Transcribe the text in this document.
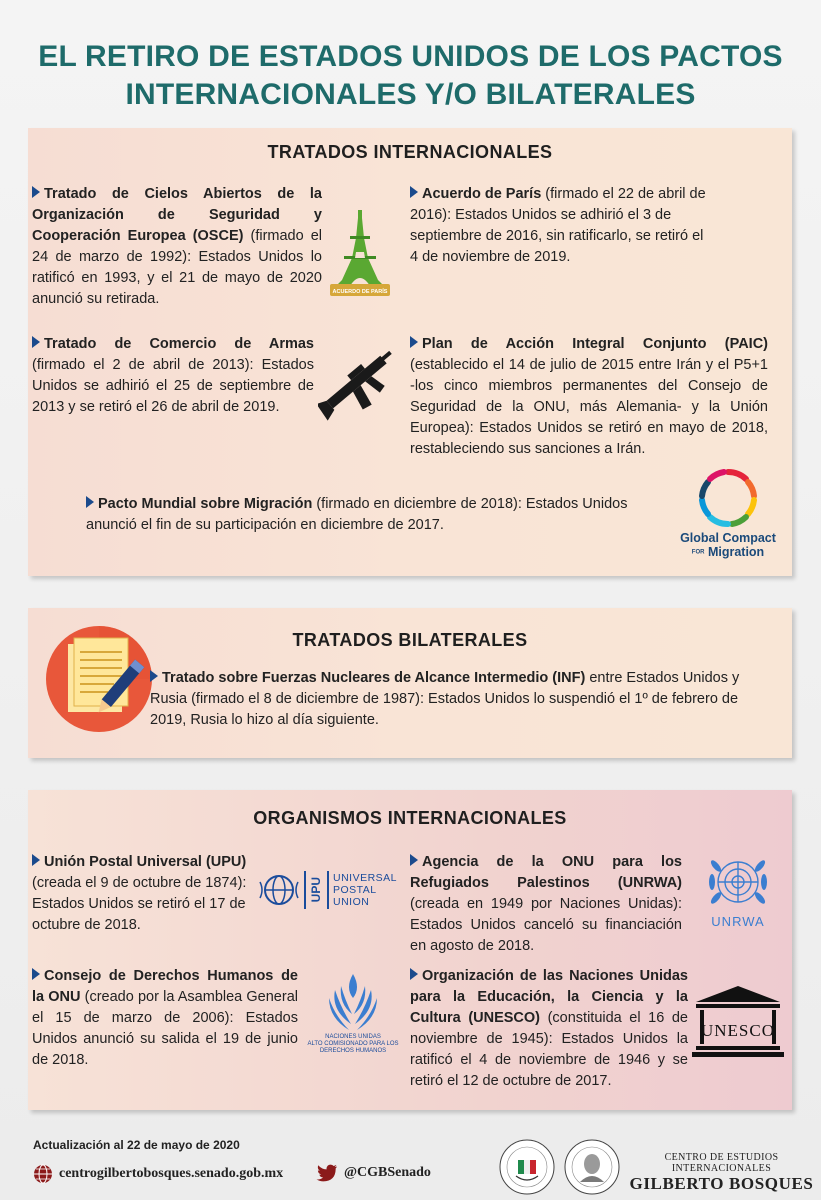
EL RETIRO DE ESTADOS UNIDOS DE LOS PACTOS
INTERNACIONALES Y/O BILATERALES
TRATADOS INTERNACIONALES
Tratado de Cielos Abiertos de la Organización de Seguridad y Cooperación Europea (OSCE) (firmado el 24 de marzo de 1992): Estados Unidos lo ratificó en 1993, y el 21 de mayo de 2020 anunció su retirada.	ACUERDO DE PARÍS
Acuerdo de París (firmado el 22 de abril de 2016): Estados Unidos se adhirió el 3 de septiembre de 2016, sin ratificarlo, se retiró el 4 de noviembre de 2019.
Tratado de Comercio de Armas (firmado el 2 de abril de 2013): Estados Unidos se adhirió el 25 de septiembre de 2013 y se retiró el 26 de abril de 2019.
Plan de Acción Integral Conjunto (PAIC) (establecido el 14 de julio de 2015 entre Irán y el P5+1 -los cinco miembros permanentes del Consejo de Seguridad de la ONU, más Alemania- y la Unión Europea): Estados Unidos se retiró en mayo de 2018, restableciendo sus sanciones a Irán.
Pacto Mundial sobre Migración (firmado en diciembre de 2018): Estados Unidos anunció el fin de su participación en diciembre de 2017.
Global Compact
FOR Migration
TRATADOS BILATERALES
Tratado sobre Fuerzas Nucleares de Alcance Intermedio (INF) entre Estados Unidos y Rusia (firmado el 8 de diciembre de 1987): Estados Unidos lo suspendió el 1º de febrero de 2019, Rusia lo hizo al día siguiente.
ORGANISMOS INTERNACIONALES
Unión Postal Universal (UPU) (creada el 9 de octubre de 1874): Estados Unidos se retiró el 17 de octubre de 2018.
UPU UNIVERSAL
POSTAL
UNION
Agencia de la ONU para los Refugiados Palestinos (UNRWA) (creada en 1949 por Naciones Unidas): Estados Unidos canceló su financiación en agosto de 2018.
UNRWA
Consejo de Derechos Humanos de la ONU (creado por la Asamblea General el 15 de marzo de 2006): Estados Unidos anunció su salida el 19 de junio de 2018.
NACIONES UNIDAS
ALTO COMISIONADO PARA LOS
DERECHOS HUMANOS
Organización de las Naciones Unidas para la Educación, la Ciencia y la Cultura (UNESCO) (constituida el 16 de noviembre de 1945): Estados Unidos la ratificó el 4 de noviembre de 1946 y se retiró el 12 de octubre de 2017.
UNESCO
Actualización al 22 de mayo de 2020
centrogilbertobosques.senado.gob.mx	@CGBSenado
CENTRO DE ESTUDIOS INTERNACIONALES
GILBERTO BOSQUES
